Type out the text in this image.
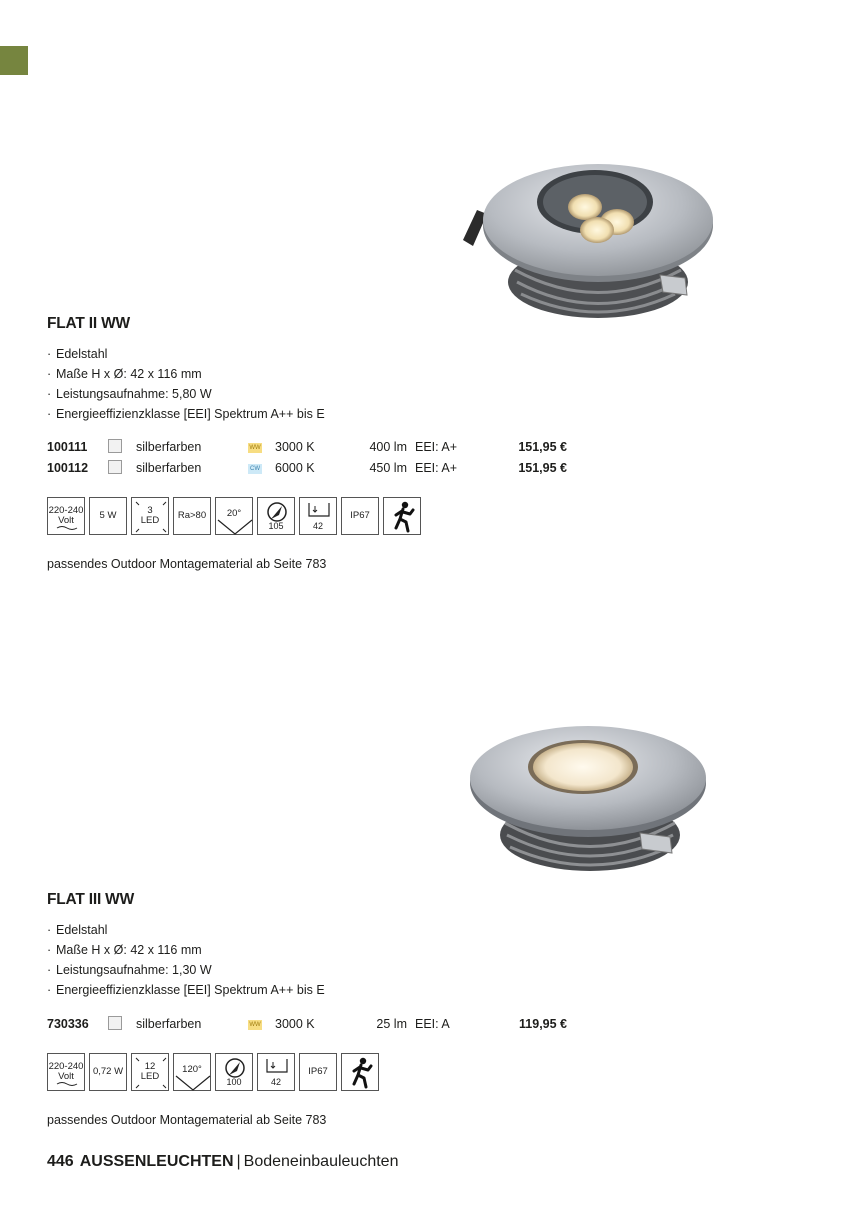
FLAT II WW
· Edelstahl
· Maße H x Ø: 42 x 116 mm
· Leistungsaufnahme: 5,80 W
· Energieeffizienzklasse [EEI] Spektrum A++ bis E
100111	silberfarben	WW 3000 K	400 lm EEI: A+	151,95 €
100112	silberfarben	CW 6000 K	450 lm EEI: A+	151,95 €
220-240
Volt	5 W	3
LED Ra>80 20°
105	42
IP67
passendes Outdoor Montagematerial ab Seite 783
FLAT III WW
· Edelstahl
· Maße H x Ø: 42 x 116 mm
· Leistungsaufnahme: 1,30 W
· Energieeffizienzklasse [EEI] Spektrum A++ bis E
730336	silberfarben	WW 3000 K	25 lm EEI: A	119,95 €
220-240
Volt	0,72 W	12
LED
120°
100	42
IP67
passendes Outdoor Montagematerial ab Seite 783
446 AUSSENLEUCHTEN | Bodeneinbauleuchten
